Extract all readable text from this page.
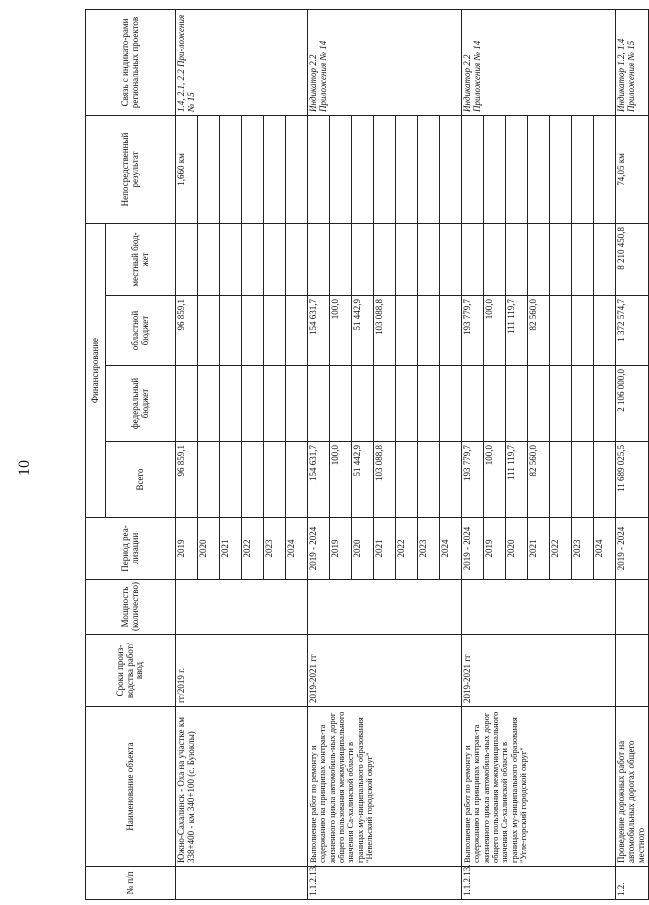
10
№ п/п	Наименование объекта	Сроки произ-водства работ/ввод	Мощность (количество)	Период реа-лизации	Финансирование				Непосредственный результат	Связь с индикато-рами региональных проектов
					Всего	федеральный бюджет	областной бюджет	местный бюд-жет		
	Южно-Сахалинск - Оха на участке км 338+400 - км 340+100 (с. Буюклы)	гг/2019 г.		2019	96 859,1		96 859,1		1,660 км	1.4, 2.1, 2.2 При-ложения № 15
				2020						
				2021						
				2022						
				2023						
				2024						
1.1.2.13.	Выполнение работ по ремонту и содержанию на принципах контрак-та жизненного цикла автомобиль-ных дорог общего пользования межмуниципального значения Са-халинской области в границах му-ниципального образования "Невельский городской округ"	2019-2021 гг		2019 - 2024	154 631,7		154 631,7			Индикатор 2.2 Приложения № 14
				2019	100,0		100,0			
				2020	51 442,9		51 442,9			
				2021	103 088,8		103 088,8			
				2022						
				2023						
				2024						
1.1.2.13.	Выполнение работ по ремонту и содержанию на принципах контрак-та жизненного цикла автомобиль-ных дорог общего пользования межмуниципального значения Са-халинской области в границах му-ниципального образования "Углe-горский городской округ"	2019-2021 гг		2019 - 2024	193 779,7		193 779,7			Индикатор 2.2 Приложения № 14
				2019	100,0		100,0			
				2020	111 119,7		111 119,7			
				2021	82 560,0		82 560,0			
				2022						
				2023						
				2024						
1.2.	Проведение дорожных работ на автомобильных дорогах общего местного			2019 - 2024	11 689 025,5	2 106 000,0	1 372 574,7	8 210 450,8	74,05 км	Индикатор 1.2, 1.4 Приложения № 15
